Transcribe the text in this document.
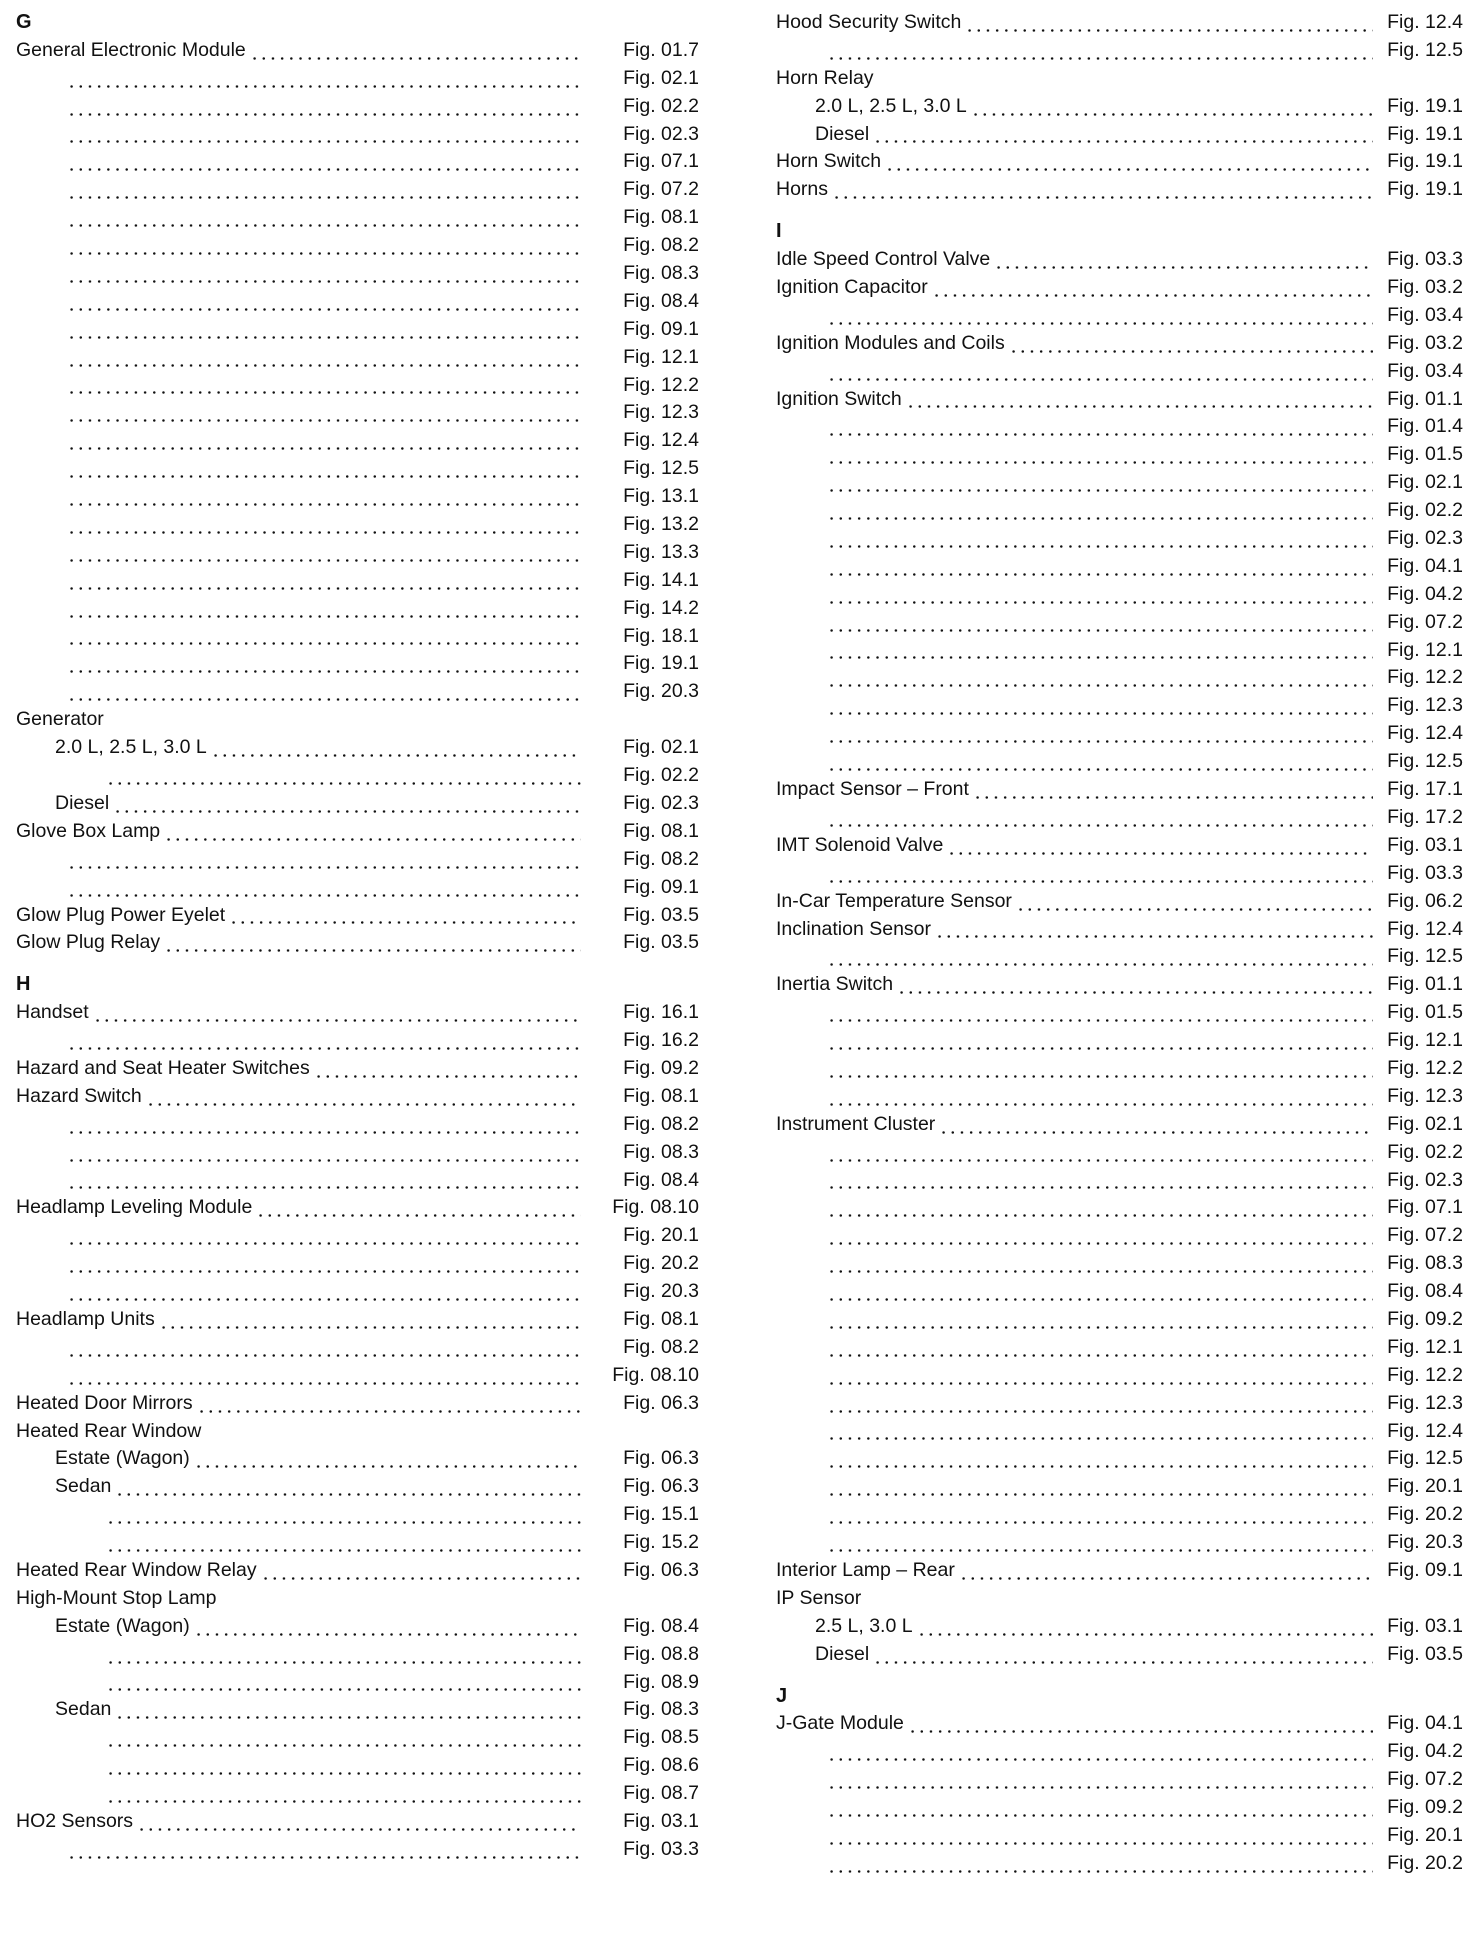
G
General Electronic Module	Fig. 01.7
Fig. 02.1
Fig. 02.2
Fig. 02.3
Fig. 07.1
Fig. 07.2
Fig. 08.1
Fig. 08.2
Fig. 08.3
Fig. 08.4
Fig. 09.1
Fig. 12.1
Fig. 12.2
Fig. 12.3
Fig. 12.4
Fig. 12.5
Fig. 13.1
Fig. 13.2
Fig. 13.3
Fig. 14.1
Fig. 14.2
Fig. 18.1
Fig. 19.1
Fig. 20.3
Generator
2.0 L, 2.5 L, 3.0 L	Fig. 02.1
Fig. 02.2
Diesel	Fig. 02.3
Glove Box Lamp	Fig. 08.1
Fig. 08.2
Fig. 09.1
Glow Plug Power Eyelet	Fig. 03.5
Glow Plug Relay	Fig. 03.5
H
Handset	Fig. 16.1
Fig. 16.2
Hazard and Seat Heater Switches	Fig. 09.2
Hazard Switch	Fig. 08.1
Fig. 08.2
Fig. 08.3
Fig. 08.4
Headlamp Leveling Module	Fig. 08.10
Fig. 20.1
Fig. 20.2
Fig. 20.3
Headlamp Units	Fig. 08.1
Fig. 08.2
Fig. 08.10
Heated Door Mirrors	Fig. 06.3
Heated Rear Window
Estate (Wagon)	Fig. 06.3
Sedan	Fig. 06.3
Fig. 15.1
Fig. 15.2
Heated Rear Window Relay	Fig. 06.3
High-Mount Stop Lamp
Estate (Wagon)	Fig. 08.4
Fig. 08.8
Fig. 08.9
Sedan	Fig. 08.3
Fig. 08.5
Fig. 08.6
Fig. 08.7
HO2 Sensors	Fig. 03.1
Fig. 03.3
Hood Security Switch	Fig. 12.4
Fig. 12.5
Horn Relay
2.0 L, 2.5 L, 3.0 L	Fig. 19.1
Diesel	Fig. 19.1
Horn Switch	Fig. 19.1
Horns	Fig. 19.1
I
Idle Speed Control Valve	Fig. 03.3
Ignition Capacitor	Fig. 03.2
Fig. 03.4
Ignition Modules and Coils	Fig. 03.2
Fig. 03.4
Ignition Switch	Fig. 01.1
Fig. 01.4
Fig. 01.5
Fig. 02.1
Fig. 02.2
Fig. 02.3
Fig. 04.1
Fig. 04.2
Fig. 07.2
Fig. 12.1
Fig. 12.2
Fig. 12.3
Fig. 12.4
Fig. 12.5
Impact Sensor – Front	Fig. 17.1
Fig. 17.2
IMT Solenoid Valve	Fig. 03.1
Fig. 03.3
In-Car Temperature Sensor	Fig. 06.2
Inclination Sensor	Fig. 12.4
Fig. 12.5
Inertia Switch	Fig. 01.1
Fig. 01.5
Fig. 12.1
Fig. 12.2
Fig. 12.3
Instrument Cluster	Fig. 02.1
Fig. 02.2
Fig. 02.3
Fig. 07.1
Fig. 07.2
Fig. 08.3
Fig. 08.4
Fig. 09.2
Fig. 12.1
Fig. 12.2
Fig. 12.3
Fig. 12.4
Fig. 12.5
Fig. 20.1
Fig. 20.2
Fig. 20.3
Interior Lamp – Rear	Fig. 09.1
IP Sensor
2.5 L, 3.0 L	Fig. 03.1
Diesel	Fig. 03.5
J
J-Gate Module	Fig. 04.1
Fig. 04.2
Fig. 07.2
Fig. 09.2
Fig. 20.1
Fig. 20.2
